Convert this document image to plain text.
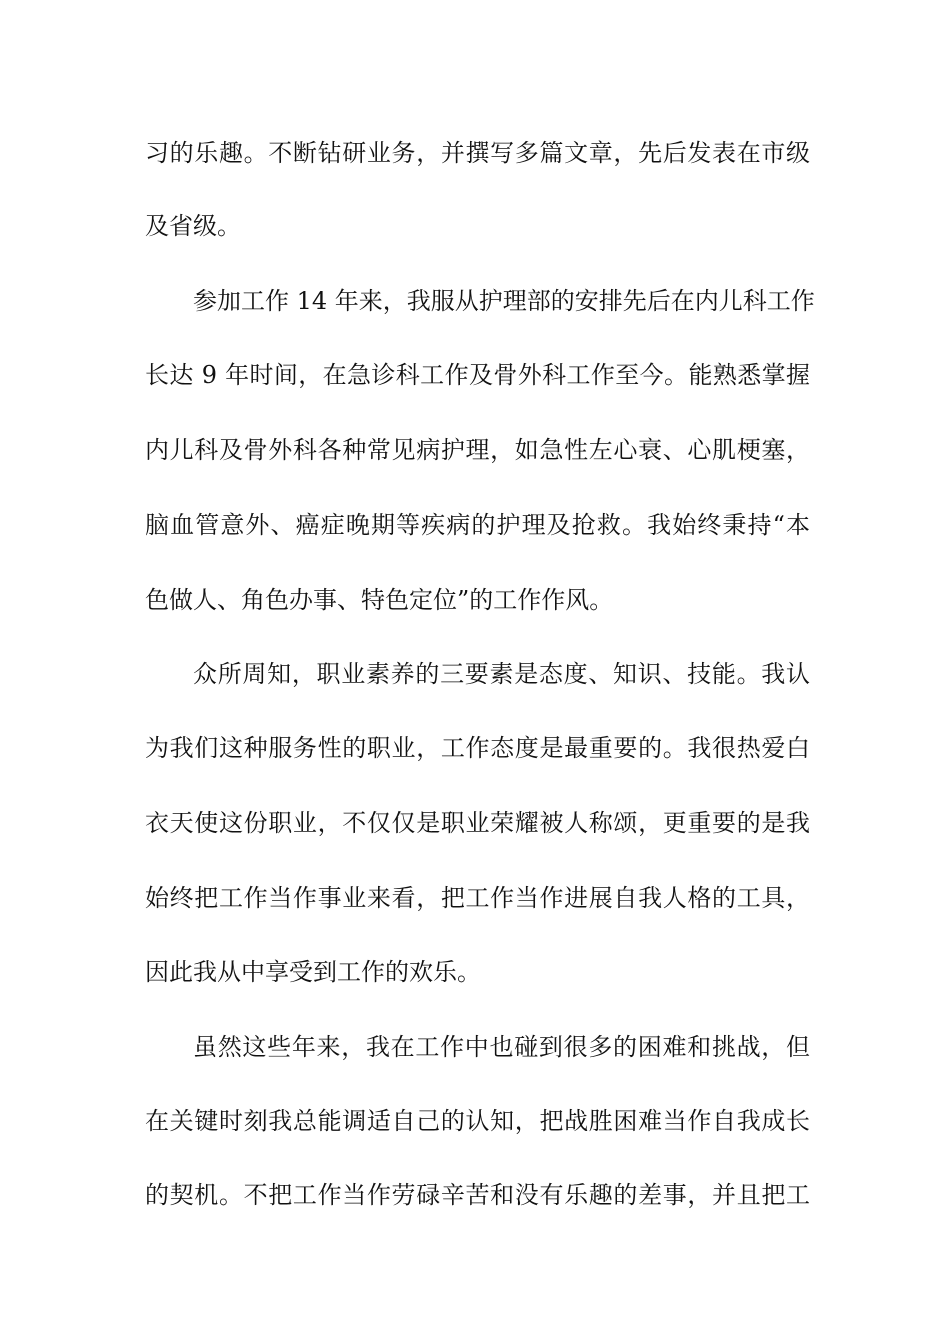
习的乐趣。不断钻研业务，并撰写多篇文章，先后发表在市级
及省级。
参加工作 14 年来，我服从护理部的安排先后在内儿科工作
长达 9 年时间，在急诊科工作及骨外科工作至今。能熟悉掌握
内儿科及骨外科各种常见病护理，如急性左心衰、心肌梗塞，
脑血管意外、癌症晚期等疾病的护理及抢救。我始终秉持“本
色做人、角色办事、特色定位”的工作作风。
众所周知，职业素养的三要素是态度、知识、技能。我认
为我们这种服务性的职业，工作态度是最重要的。我很热爱白
衣天使这份职业，不仅仅是职业荣耀被人称颂，更重要的是我
始终把工作当作事业来看，把工作当作进展自我人格的工具，
因此我从中享受到工作的欢乐。
虽然这些年来，我在工作中也碰到很多的困难和挑战，但
在关键时刻我总能调适自己的认知，把战胜困难当作自我成长
的契机。不把工作当作劳碌辛苦和没有乐趣的差事，并且把工
